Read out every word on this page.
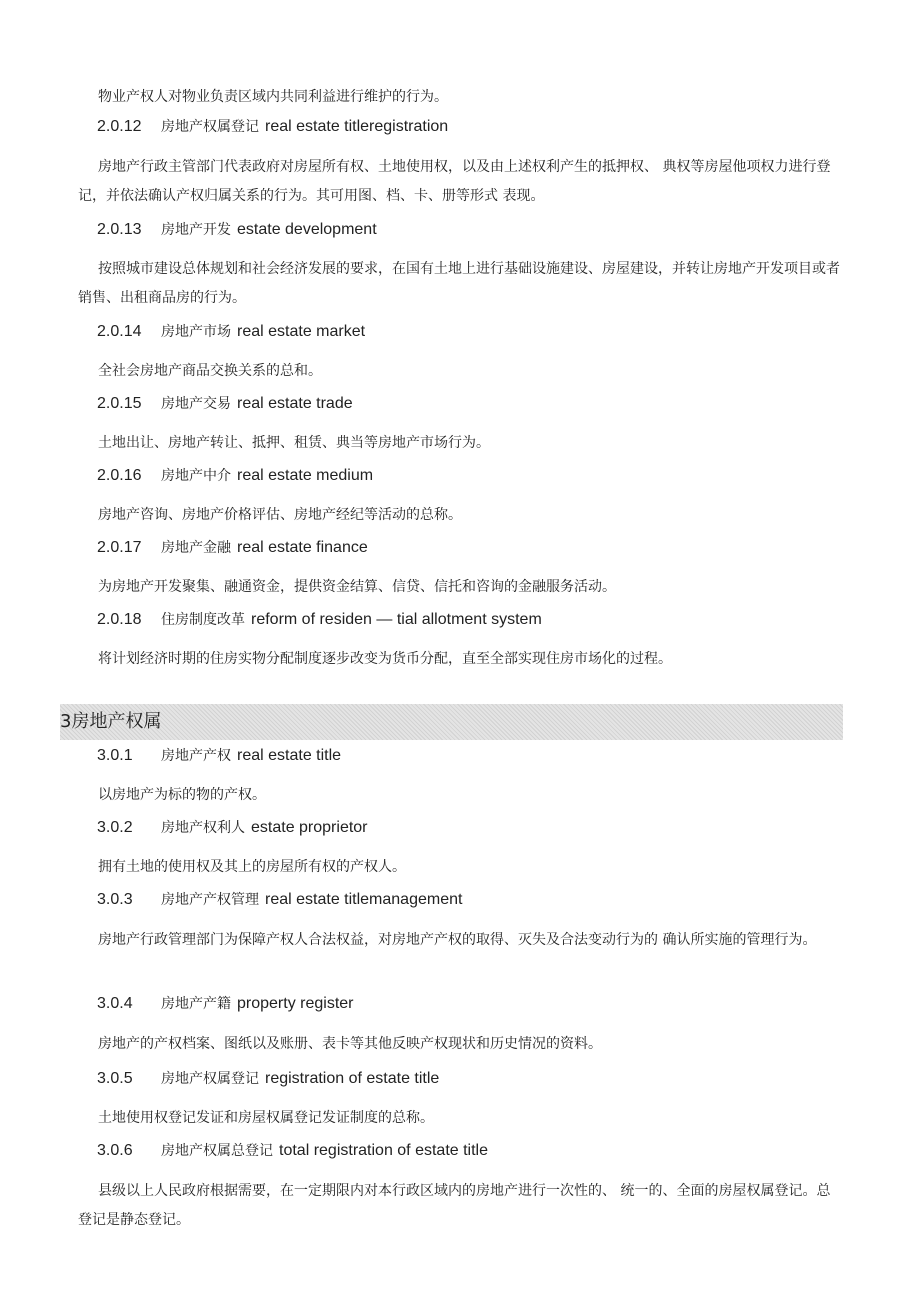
物业产权人对物业负责区域内共同利益进行维护的行为。
2.0.12 房地产权属登记 real estate titleregistration

房地产行政主管部门代表政府对房屋所有权、土地使用权，以及由上述权利产生的抵押权、 典权等房屋他项权力进行登记，并依法确认产权归属关系的行为。其可用图、档、卡、册等形式 表现。

2.0.13 房地产开发 estate development

按照城市建设总体规划和社会经济发展的要求，在国有土地上进行基础设施建设、房屋建设，并转让房地产开发项目或者销售、出租商品房的行为。

2.0.14 房地产市场 real estate market

全社会房地产商品交换关系的总和。

2.0.15 房地产交易 real estate trade

土地出让、房地产转让、抵押、租赁、典当等房地产市场行为。

2.0.16 房地产中介 real estate medium

房地产咨询、房地产价格评估、房地产经纪等活动的总称。

2.0.17 房地产金融 real estate finance

为房地产开发聚集、融通资金，提供资金结算、信贷、信托和咨询的金融服务活动。

2.0.18 住房制度改革 reform of residen — tial allotment system

将计划经济时期的住房实物分配制度逐步改变为货币分配，直至全部实现住房市场化的过程。

3房地产权属
3.0.1 房地产产权 real estate title

以房地产为标的物的产权。

3.0.2 房地产权利人 estate proprietor

拥有土地的使用权及其上的房屋所有权的产权人。

3.0.3 房地产产权管理 real estate titlemanagement

房地产行政管理部门为保障产权人合法权益，对房地产产权的取得、灭失及合法变动行为的 确认所实施的管理行为。

3.0.4 房地产产籍 property register

房地产的产权档案、图纸以及账册、表卡等其他反映产权现状和历史情况的资料。

3.0.5 房地产权属登记 registration of estate title

土地使用权登记发证和房屋权属登记发证制度的总称。

3.0.6 房地产权属总登记 total registration of estate title

县级以上人民政府根据需要，在一定期限内对本行政区域内的房地产进行一次性的、 统一的、全面的房屋权属登记。总登记是静态登记。
